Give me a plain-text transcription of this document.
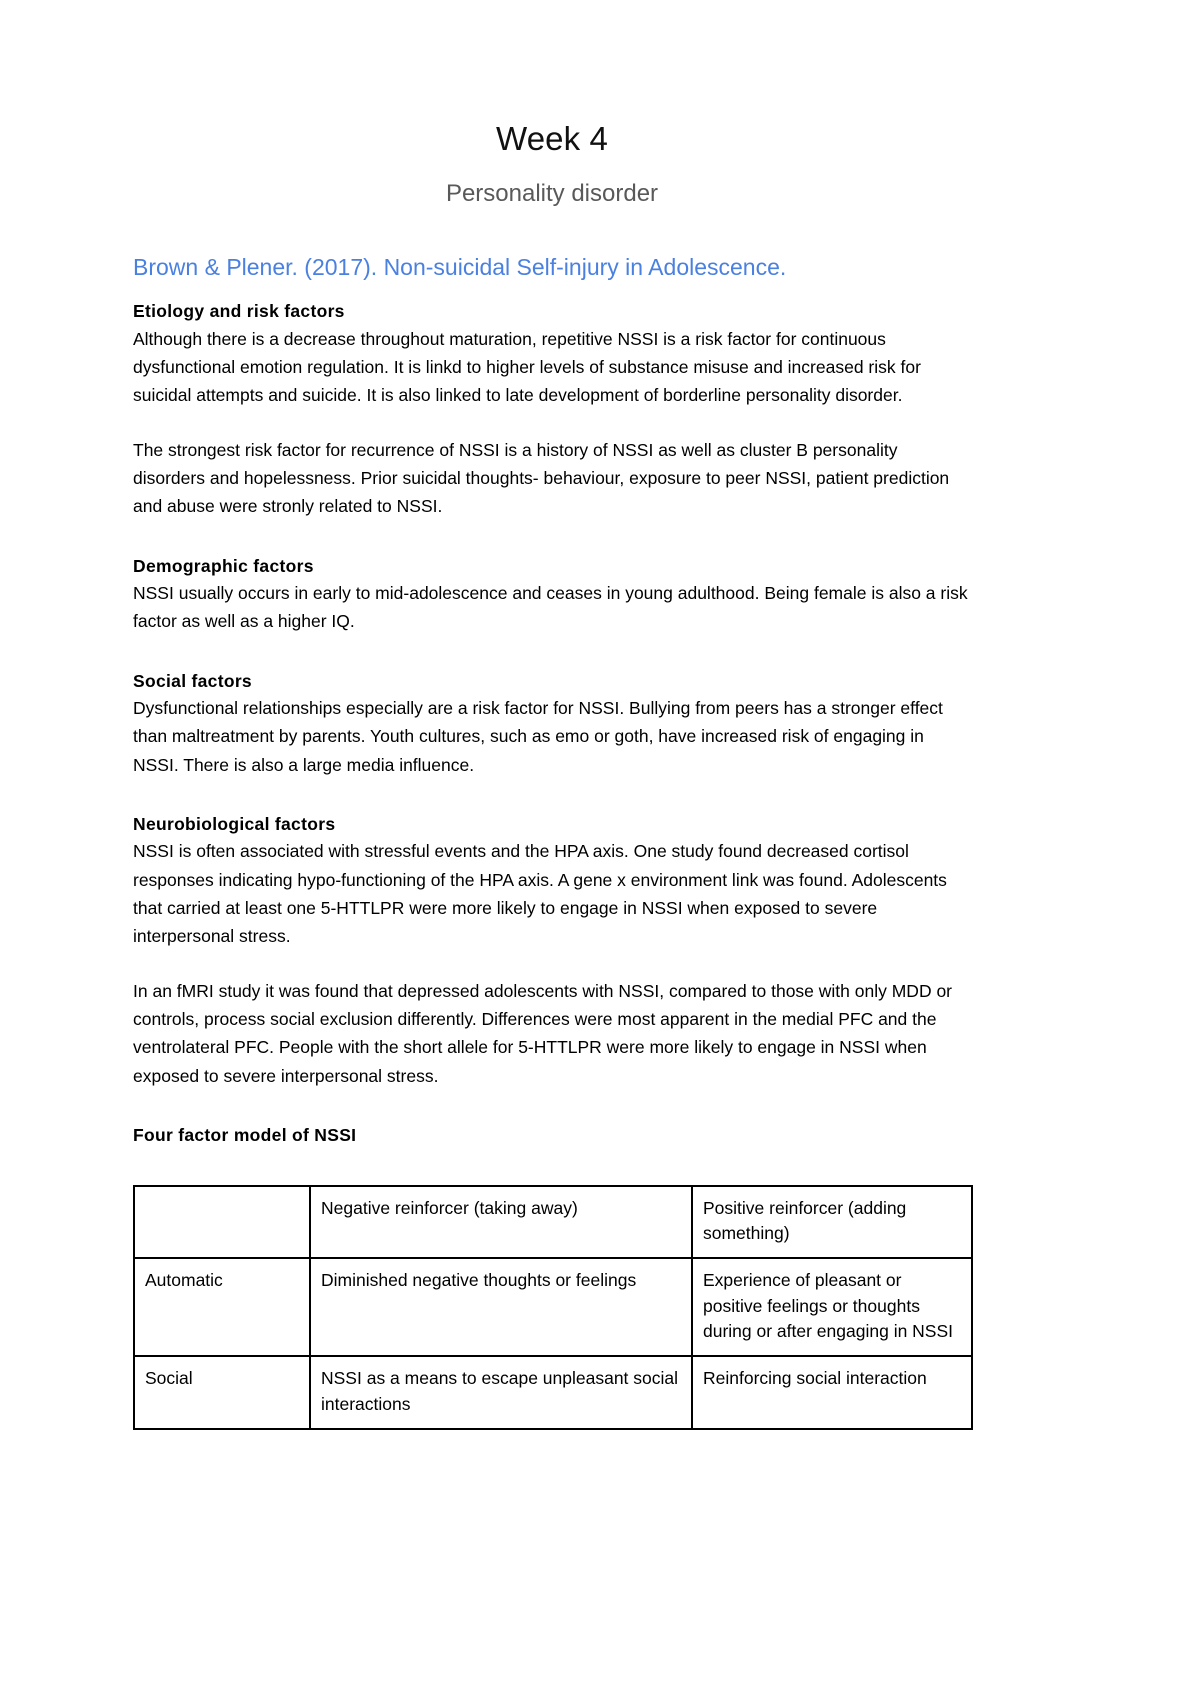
Week 4
Personality disorder
Brown & Plener. (2017). Non-suicidal Self-injury in Adolescence.
Etiology and risk factors

Although there is a decrease throughout maturation, repetitive NSSI is a risk factor for continuous dysfunctional emotion regulation. It is linkd to higher levels of substance misuse and increased risk for suicidal attempts and suicide. It is also linked to late development of borderline personality disorder.

The strongest risk factor for recurrence of NSSI is a history of NSSI as well as cluster B personality disorders and hopelessness. Prior suicidal thoughts- behaviour, exposure to peer NSSI, patient prediction and abuse were stronly related to NSSI.

Demographic factors

NSSI usually occurs in early to mid-adolescence and ceases in young adulthood. Being female is also a risk factor as well as a higher IQ.

Social factors

Dysfunctional relationships especially are a risk factor for NSSI. Bullying from peers has a stronger effect than maltreatment by parents. Youth cultures, such as emo or goth, have increased risk of engaging in NSSI. There is also a large media influence.

Neurobiological factors

NSSI is often associated with stressful events and the HPA axis. One study found decreased cortisol responses indicating hypo-functioning of the HPA axis. A gene x environment link was found. Adolescents that carried at least one 5-HTTLPR were more likely to engage in NSSI when exposed to severe interpersonal stress.

In an fMRI study it was found that depressed adolescents with NSSI, compared to those with only MDD or controls, process social exclusion differently. Differences were most apparent in the medial PFC and the ventrolateral PFC. People with the short allele for 5-HTTLPR were more likely to engage in NSSI when exposed to severe interpersonal stress.

Four factor model of NSSI
	Negative reinforcer (taking away)	Positive reinforcer (adding something)
Automatic	Diminished negative thoughts or feelings	Experience of pleasant or positive feelings or thoughts during or after engaging in NSSI
Social	NSSI as a means to escape unpleasant social interactions	Reinforcing social interaction
